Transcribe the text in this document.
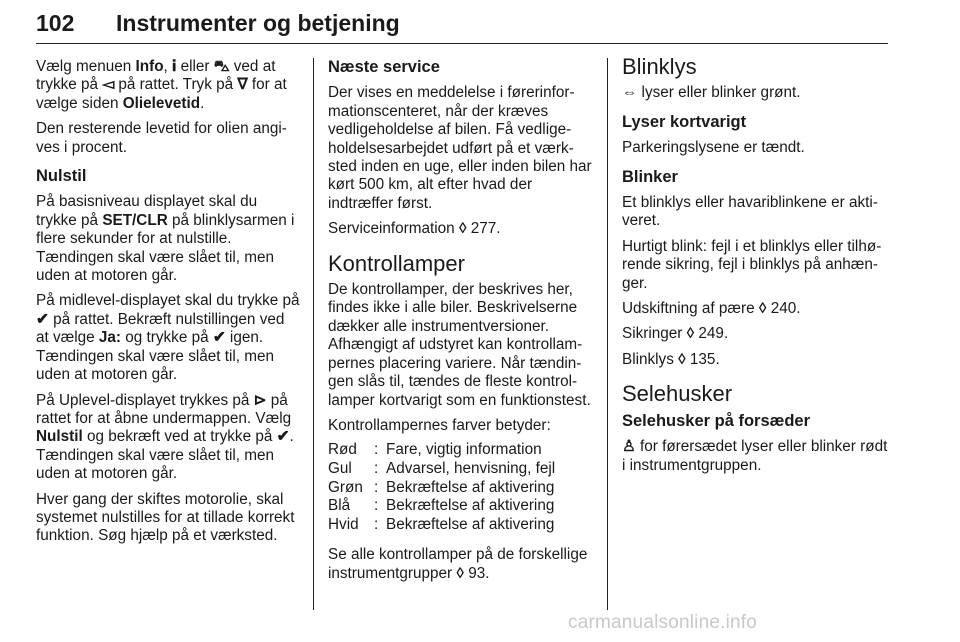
102 Instrumenter og betjening

Vælg menuen Info, 𝐢 eller ⛍ ved at trykke på ◅ på rattet. Tryk på ∇ for at vælge siden Olielevetid.

Den resterende levetid for olien angives i procent.

Nulstil

På basisniveau displayet skal du trykke på SET/CLR på blinklysarmen i flere sekunder for at nulstille.

Tændingen skal være slået til, men uden at motoren går.

På midlevel-displayet skal du trykke på ✔ på rattet. Bekræft nulstillingen ved at vælge Ja: og trykke på ✔ igen.

Tændingen skal være slået til, men uden at motoren går.

På Uplevel-displayet trykkes på ⊳ på rattet for at åbne undermappen. Vælg Nulstil og bekræft ved at trykke på ✔. Tændingen skal være slået til, men uden at motoren går.

Hver gang der skiftes motorolie, skal systemet nulstilles for at tillade korrekt funktion. Søg hjælp på et værksted.

Næste service

Der vises en meddelelse i førerinformationscenteret, når der kræves vedligeholdelse af bilen. Få vedligeholdelsesarbejdet udført på et værksted inden en uge, eller inden bilen har kørt 500 km, alt efter hvad der indtræffer først.

Serviceinformation ◊ 277.

Kontrollamper

De kontrollamper, der beskrives her, findes ikke i alle biler. Beskrivelserne dækker alle instrumentversioner. Afhængigt af udstyret kan kontrollampernes placering variere. Når tændingen slås til, tændes de fleste kontrollamper kortvarigt som en funktionstest.

Kontrollampernes farver betyder:

Rød	:	Fare, vigtig information
Gul	:	Advarsel, henvisning, fejl
Grøn	:	Bekræftelse af aktivering
Blå	:	Bekræftelse af aktivering
Hvid	:	Bekræftelse af aktivering

Se alle kontrollamper på de forskellige instrumentgrupper ◊ 93.

Blinklys

⇔ lyser eller blinker grønt.

Lyser kortvarigt

Parkeringslysene er tændt.

Blinker

Et blinklys eller havariblinkene er aktiveret.

Hurtigt blink: fejl i et blinklys eller tilhørende sikring, fejl i blinklys på anhænger.

Udskiftning af pære ◊ 240.

Sikringer ◊ 249.

Blinklys ◊ 135.

Selehusker
Selehusker på forsæder

♙ for førersædet lyser eller blinker rødt i instrumentgruppen.

carmanualsonline.info
